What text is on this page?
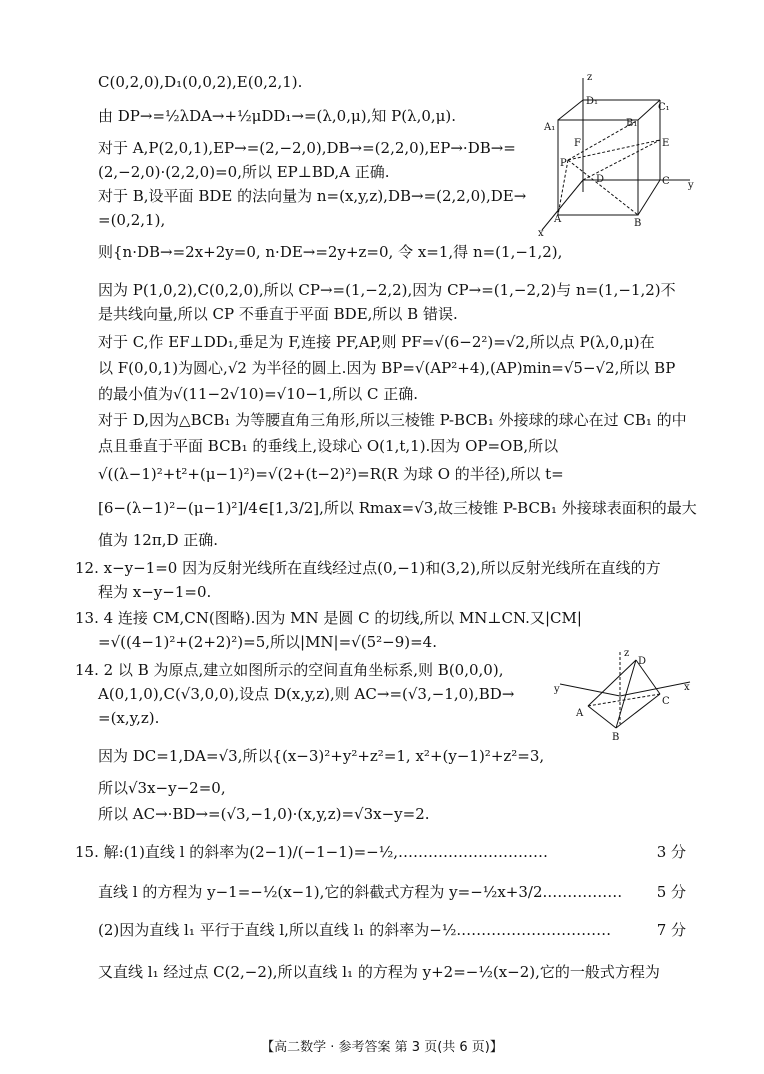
C(0,2,0),D₁(0,0,2),E(0,2,1).
由 DP→=½λDA→+½μDD₁→=(λ,0,μ),知 P(λ,0,μ).
对于 A,P(2,0,1),EP→=(2,−2,0),DB→=(2,2,0),EP→·DB→=
(2,−2,0)·(2,2,0)=0,所以 EP⊥BD,A 正确.
对于 B,设平面 BDE 的法向量为 n=(x,y,z),DB→=(2,2,0),DE→
=(0,2,1),
则{n·DB→=2x+2y=0, n·DE→=2y+z=0, 令 x=1,得 n=(1,−1,2),
因为 P(1,0,2),C(0,2,0),所以 CP→=(1,−2,2),因为 CP→=(1,−2,2)与 n=(1,−1,2)不
是共线向量,所以 CP 不垂直于平面 BDE,所以 B 错误.
对于 C,作 EF⊥DD₁,垂足为 F,连接 PF,AP,则 PF=√(6−2²)=√2,所以点 P(λ,0,μ)在
以 F(0,0,1)为圆心,√2 为半径的圆上.因为 BP=√(AP²+4),(AP)min=√5−√2,所以 BP
的最小值为√(11−2√10)=√10−1,所以 C 正确.
对于 D,因为△BCB₁ 为等腰直角三角形,所以三棱锥 P-BCB₁ 外接球的球心在过 CB₁ 的中
点且垂直于平面 BCB₁ 的垂线上,设球心 O(1,t,1).因为 OP=OB,所以
√((λ−1)²+t²+(μ−1)²)=√(2+(t−2)²)=R(R 为球 O 的半径),所以 t=
[6−(λ−1)²−(μ−1)²]/4∈[1,3/2],所以 Rmax=√3,故三棱锥 P-BCB₁ 外接球表面积的最大
值为 12π,D 正确.
12. x−y−1=0 因为反射光线所在直线经过点(0,−1)和(3,2),所以反射光线所在直线的方
程为 x−y−1=0.
13. 4 连接 CM,CN(图略).因为 MN 是圆 C 的切线,所以 MN⊥CN.又|CM|
=√((4−1)²+(2+2)²)=5,所以|MN|=√(5²−9)=4.
14. 2 以 B 为原点,建立如图所示的空间直角坐标系,则 B(0,0,0),
A(0,1,0),C(√3,0,0),设点 D(x,y,z),则 AC→=(√3,−1,0),BD→
=(x,y,z).
因为 DC=1,DA=√3,所以{(x−3)²+y²+z²=1, x²+(y−1)²+z²=3,
所以√3x−y−2=0,
所以 AC→·BD→=(√3,−1,0)·(x,y,z)=√3x−y=2.
15. 解:(1)直线 l 的斜率为(2−1)/(−1−1)=−½,…………………………	3 分
直线 l 的方程为 y−1=−½(x−1),它的斜截式方程为 y=−½x+3/2.…………… 5 分
(2)因为直线 l₁ 平行于直线 l,所以直线 l₁ 的斜率为−½.…………………………	7 分
又直线 l₁ 经过点 C(2,−2),所以直线 l₁ 的方程为 y+2=−½(x−2),它的一般式方程为
z
D₁
C₁
A₁	B₁
F	E
P
D	C y
A	B
x
z
D
y	x
A
C
B
【高二数学 · 参考答案 第 3 页(共 6 页)】
